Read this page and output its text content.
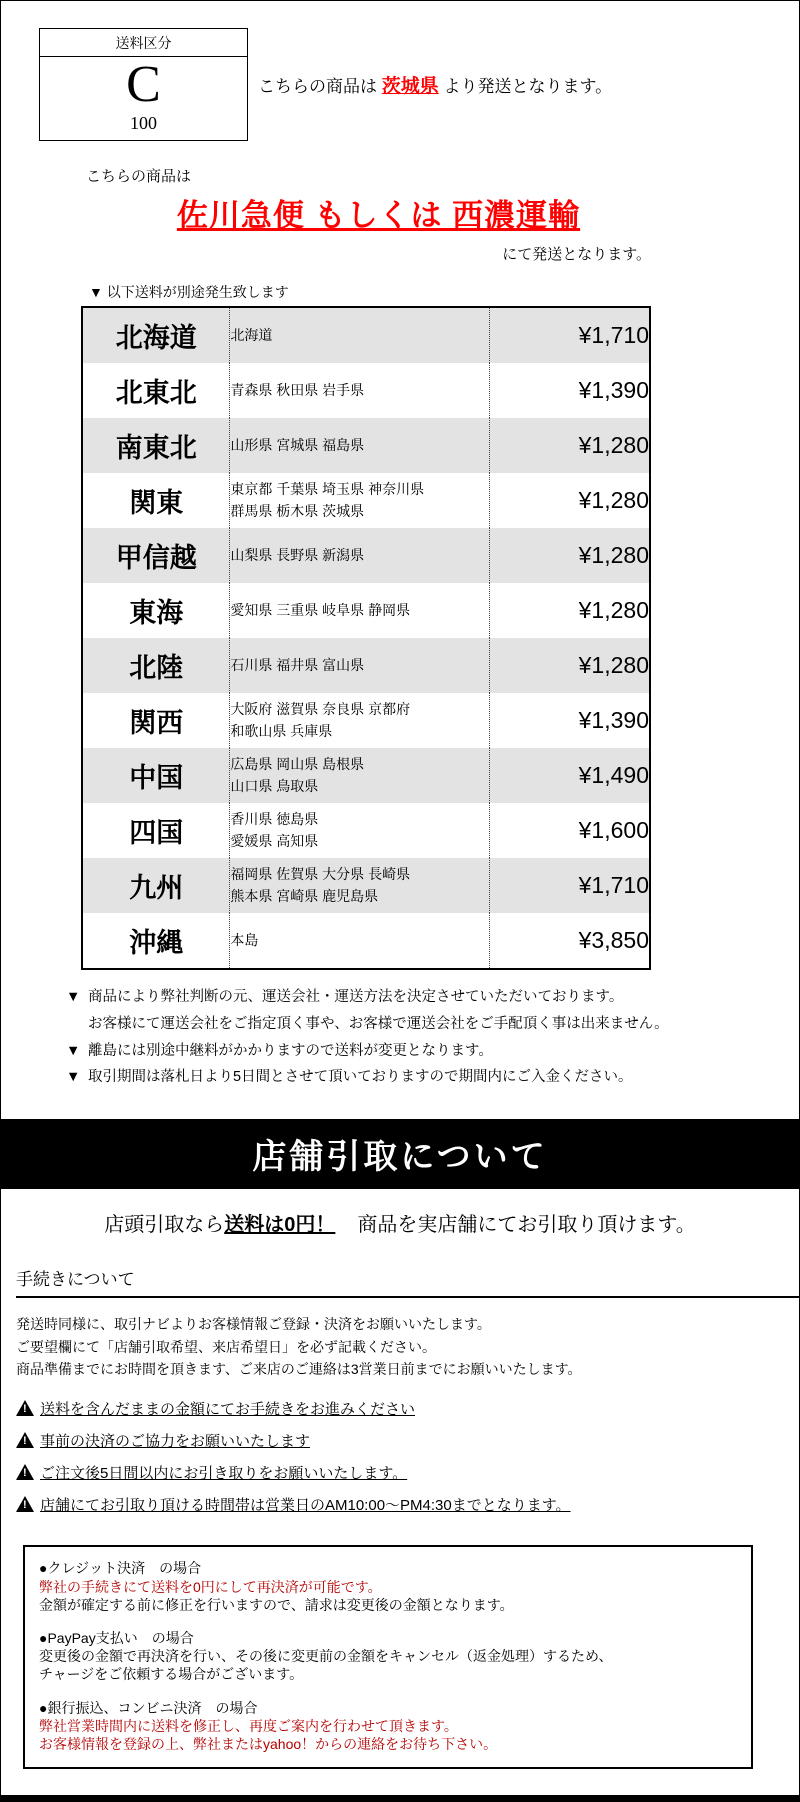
送料区分
C
100
こちらの商品は 茨城県 より発送となります。
こちらの商品は
佐川急便 もしくは 西濃運輸
にて発送となります。
▼ 以下送料が別途発生致します
北海道	北海道	¥1,710
北東北	青森県 秋田県 岩手県	¥1,390
南東北	山形県 宮城県 福島県	¥1,280
関東	東京都 千葉県 埼玉県 神奈川県
群馬県 栃木県 茨城県	¥1,280
甲信越	山梨県 長野県 新潟県	¥1,280
東海	愛知県 三重県 岐阜県 静岡県	¥1,280
北陸	石川県 福井県 富山県	¥1,280
関西	大阪府 滋賀県 奈良県 京都府
和歌山県 兵庫県	¥1,390
中国	広島県 岡山県 島根県
山口県 鳥取県	¥1,490
四国	香川県 徳島県
愛媛県 高知県	¥1,600
九州	福岡県 佐賀県 大分県 長崎県
熊本県 宮崎県 鹿児島県	¥1,710
沖縄	本島	¥3,850
▼ 商品により弊社判断の元、運送会社・運送方法を決定させていただいております。
お客様にて運送会社をご指定頂く事や、お客様で運送会社をご手配頂く事は出来ません。
▼ 離島には別途中継料がかかりますので送料が変更となります。
▼ 取引期間は落札日より5日間とさせて頂いておりますので期間内にご入金ください。
店舗引取について
店頭引取なら送料は0円！ 商品を実店舗にてお引取り頂けます。
手続きについて
発送時同様に、取引ナビよりお客様情報ご登録・決済をお願いいたします。
ご要望欄にて「店舗引取希望、来店希望日」を必ず記載ください。
商品準備までにお時間を頂きます、ご来店のご連絡は3営業日前までにお願いいたします。
!
送料を含んだままの金額にてお手続きをお進みください
!
事前の決済のご協力をお願いいたします
!
ご注文後5日間以内にお引き取りをお願いいたします。
!
店舗にてお引取り頂ける時間帯は営業日のAM10:00～PM4:30までとなります。
●クレジット決済　の場合
弊社の手続きにて送料を0円にして再決済が可能です。
金額が確定する前に修正を行いますので、請求は変更後の金額となります。
●PayPay支払い　の場合
変更後の金額で再決済を行い、その後に変更前の金額をキャンセル（返金処理）するため、
チャージをご依頼する場合がございます。
●銀行振込、コンビニ決済　の場合
弊社営業時間内に送料を修正し、再度ご案内を行わせて頂きます。
お客様情報を登録の上、弊社またはyahoo！からの連絡をお待ち下さい。
